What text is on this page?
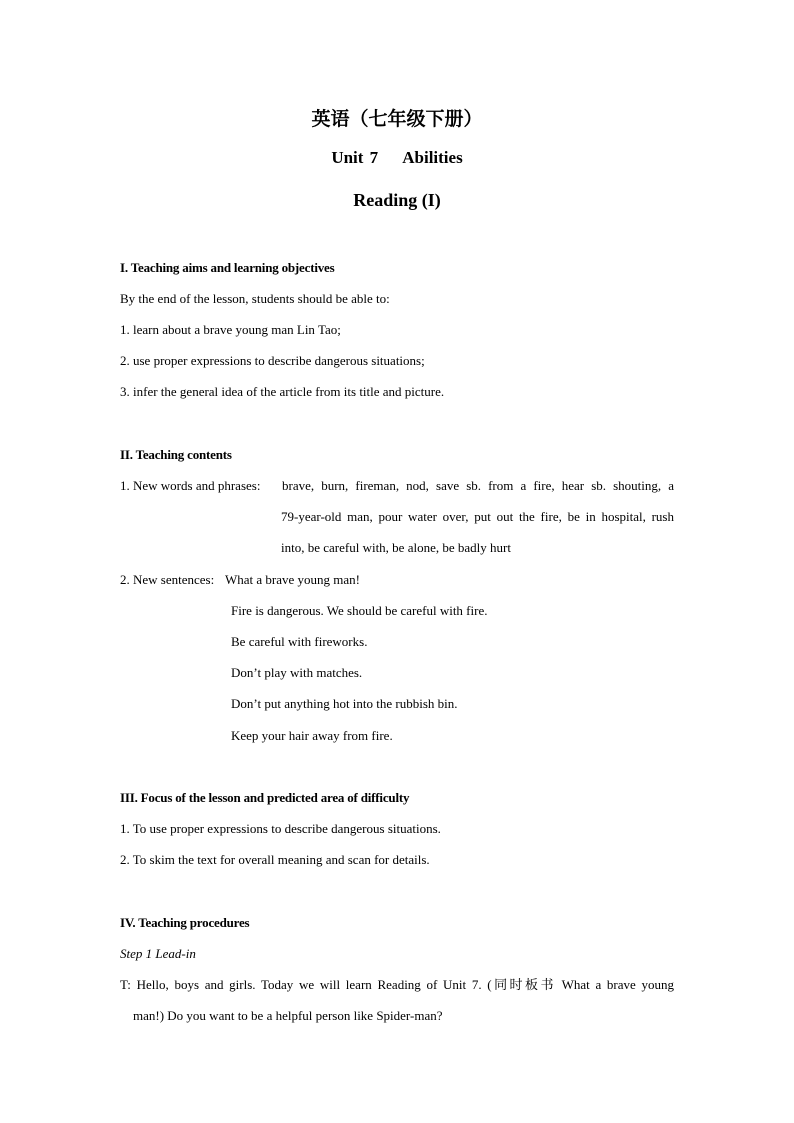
英语（七年级下册）
Unit 7    Abilities
Reading (I)
I. Teaching aims and learning objectives
By the end of the lesson, students should be able to:
1. learn about a brave young man Lin Tao;
2. use proper expressions to describe dangerous situations;
3. infer the general idea of the article from its title and picture.
II. Teaching contents
1. New words and phrases: brave, burn, fireman, nod, save sb. from a fire, hear sb. shouting, a
79-year-old man, pour water over, put out the fire, be in hospital, rush
into, be careful with, be alone, be badly hurt
2. New sentences: What a brave young man!
Fire is dangerous. We should be careful with fire.
Be careful with fireworks.
Don’t play with matches.
Don’t put anything hot into the rubbish bin.
Keep your hair away from fire.
III. Focus of the lesson and predicted area of difficulty
1. To use proper expressions to describe dangerous situations.
2. To skim the text for overall meaning and scan for details.
IV. Teaching procedures
Step 1 Lead-in
T: Hello, boys and girls. Today we will learn Reading of Unit 7. (同时板书 What a brave young
man!) Do you want to be a helpful person like Spider-man?
